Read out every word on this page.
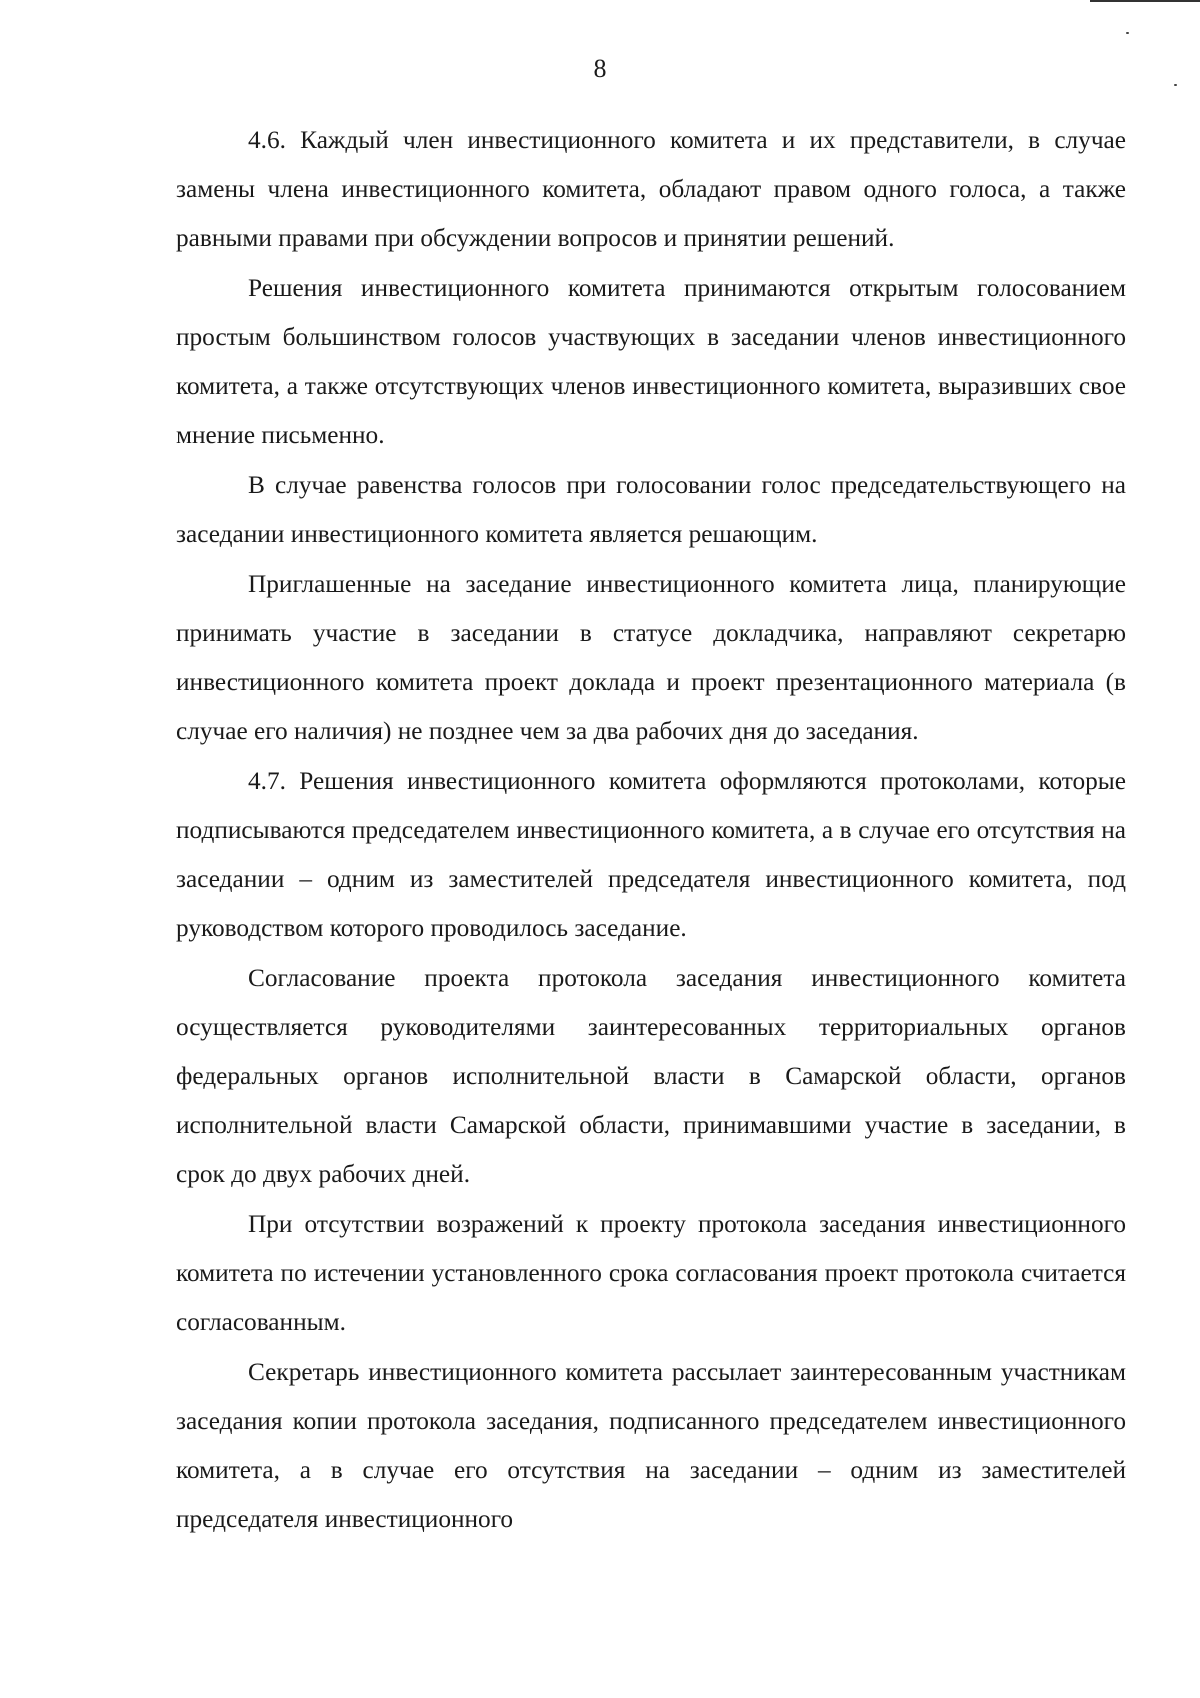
8

4.6. Каждый член инвестиционного комитета и их представители, в случае замены члена инвестиционного комитета, обладают правом одного голоса, а также равными правами при обсуждении вопросов и принятии решений.

Решения инвестиционного комитета принимаются открытым голосованием простым большинством голосов участвующих в заседании членов инвестиционного комитета, а также отсутствующих членов инвестиционного комитета, выразивших свое мнение письменно.

В случае равенства голосов при голосовании голос председательствующего на заседании инвестиционного комитета является решающим.

Приглашенные на заседание инвестиционного комитета лица, планирующие принимать участие в заседании в статусе докладчика, направляют секретарю инвестиционного комитета проект доклада и проект презентационного материала (в случае его наличия) не позднее чем за два рабочих дня до заседания.

4.7. Решения инвестиционного комитета оформляются протоколами, которые подписываются председателем инвестиционного комитета, а в случае его отсутствия на заседании – одним из заместителей председателя инвестиционного комитета, под руководством которого проводилось заседание.

Согласование проекта протокола заседания инвестиционного комитета осуществляется руководителями заинтересованных территориальных органов федеральных органов исполнительной власти в Самарской области, органов исполнительной власти Самарской области, принимавшими участие в заседании, в срок до двух рабочих дней.

При отсутствии возражений к проекту протокола заседания инвестиционного комитета по истечении установленного срока согласования проект протокола считается согласованным.

Секретарь инвестиционного комитета рассылает заинтересованным участникам заседания копии протокола заседания, подписанного председателем инвестиционного комитета, а в случае его отсутствия на заседании – одним из заместителей председателя инвестиционного
